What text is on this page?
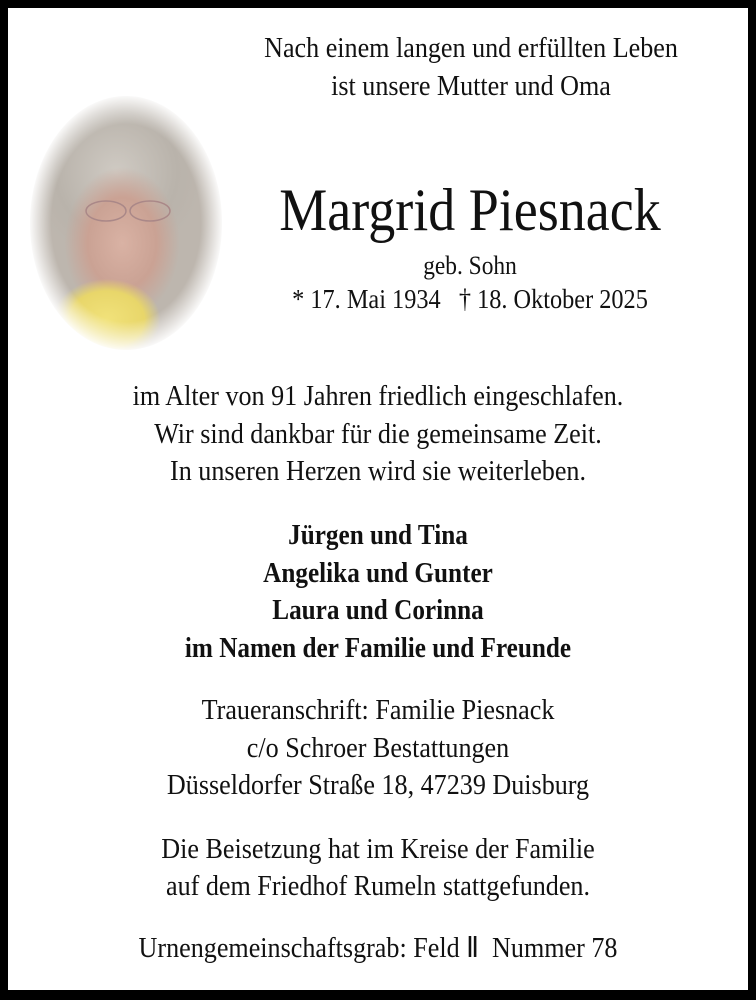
Nach einem langen und erfüllten Leben
ist unsere Mutter und Oma
Margrid Piesnack
geb. Sohn
* 17. Mai 1934   † 18. Oktober 2025
im Alter von 91 Jahren friedlich eingeschlafen.
Wir sind dankbar für die gemeinsame Zeit.
In unseren Herzen wird sie weiterleben.
Jürgen und Tina
Angelika und Gunter
Laura und Corinna
im Namen der Familie und Freunde
Traueranschrift: Familie Piesnack
c/o Schroer Bestattungen
Düsseldorfer Straße 18, 47239 Duisburg
Die Beisetzung hat im Kreise der Familie
auf dem Friedhof Rumeln stattgefunden.
Urnengemeinschaftsgrab: Feld Ⅱ  Nummer 78
